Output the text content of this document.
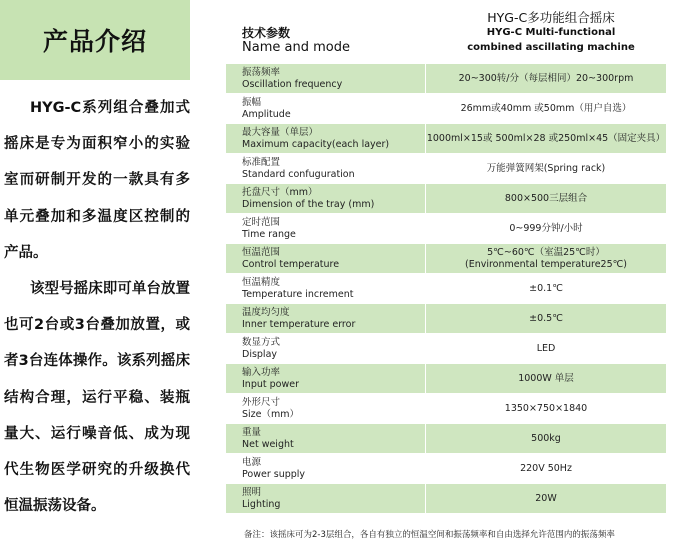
产品介绍

HYG-C系列组合叠加式摇床是专为面积窄小的实验室而研制开发的一款具有多单元叠加和多温度区控制的产品。

该型号摇床即可单台放置也可2台或3台叠加放置，或者3台连体操作。该系列摇床结构合理，运行平稳、装瓶量大、运行噪音低、成为现代生物医学研究的升级换代恒温振荡设备。

技术参数
Name and mode
HYG-C多功能组合摇床
HYG-C Multi-functional
combined ascillating machine
振荡频率
Oscillation frequency
20~300转/分（每层相同）20~300rpm
振幅
Amplitude
26mm或40mm 或50mm（用户自选）
最大容量（单层）
Maximum capacity(each layer)
1000ml×15或 500ml×28 或250ml×45（固定夹具）
标准配置
Standard confuguration
万能弹簧网架(Spring rack)
托盘尺寸（mm）
Dimension of the tray (mm)
800×500三层组合
定时范围
Time range
0~999分钟/小时
恒温范围
Control temperature
5℃~60℃（室温25℃时）
(Environmental temperature25℃)
恒温精度
Temperature increment
±0.1℃
温度均匀度
Inner temperature error
±0.5℃
数显方式
Display
LED
输入功率
Input power
1000W 单层
外形尺寸
Size（mm）
1350×750×1840
重量
Net weight
500kg
电源
Power supply
220V 50Hz
照明
Lighting
20W
备注：该摇床可为2-3层组合，各自有独立的恒温空间和振荡频率和自由选择允许范围内的振荡频率
